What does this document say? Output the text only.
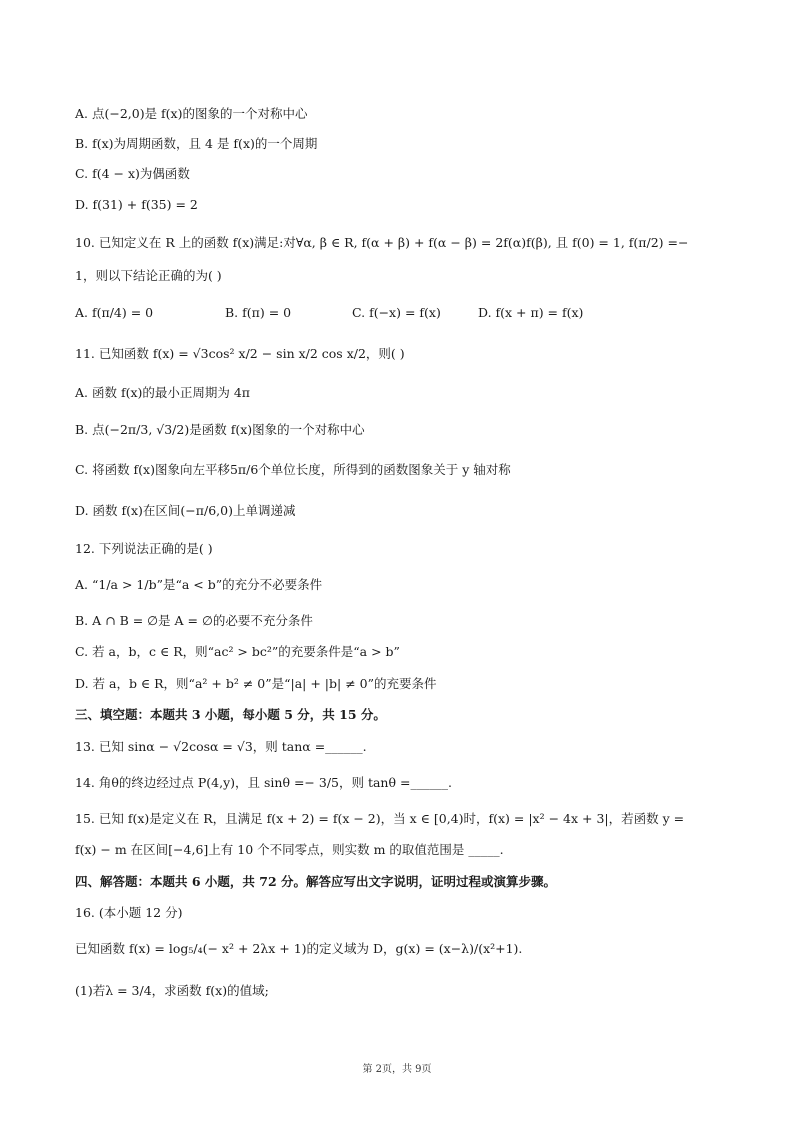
A. 点(−2,0)是 f(x)的图象的一个对称中心
B. f(x)为周期函数，且 4 是 f(x)的一个周期
C. f(4 − x)为偶函数
D. f(31) + f(35) = 2
10. 已知定义在 R 上的函数 f(x)满足:对∀α, β ∈ R, f(α + β) + f(α − β) = 2f(α)f(β), 且 f(0) = 1, f(π/2) =−
1，则以下结论正确的为( )
A. f(π/4) = 0	B. f(π) = 0	C. f(−x) = f(x)	D. f(x + π) = f(x)
11. 已知函数 f(x) = √3cos² x/2 − sin x/2 cos x/2，则( )
A. 函数 f(x)的最小正周期为 4π
B. 点(−2π/3, √3/2)是函数 f(x)图象的一个对称中心
C. 将函数 f(x)图象向左平移5π/6个单位长度，所得到的函数图象关于 y 轴对称
D. 函数 f(x)在区间(−π/6,0)上单调递减
12. 下列说法正确的是( )
A. “1/a > 1/b”是“a < b”的充分不必要条件
B. A ∩ B = ∅是 A = ∅的必要不充分条件
C. 若 a，b，c ∈ R，则“ac² > bc²”的充要条件是“a > b”
D. 若 a，b ∈ R，则“a² + b² ≠ 0”是“|a| + |b| ≠ 0”的充要条件
三、填空题：本题共 3 小题，每小题 5 分，共 15 分。
13. 已知 sinα − √2cosα = √3，则 tanα =______.
14. 角θ的终边经过点 P(4,y)，且 sinθ =− 3/5，则 tanθ =______.
15. 已知 f(x)是定义在 R，且满足 f(x + 2) = f(x − 2)，当 x ∈ [0,4)时，f(x) = |x² − 4x + 3|，若函数 y =
f(x) − m 在区间[−4,6]上有 10 个不同零点，则实数 m 的取值范围是 _____.
四、解答题：本题共 6 小题，共 72 分。解答应写出文字说明，证明过程或演算步骤。
16. (本小题 12 分)
已知函数 f(x) = log₅/₄(− x² + 2λx + 1)的定义域为 D，g(x) = (x−λ)/(x²+1).
(1)若λ = 3/4，求函数 f(x)的值域;
第 2页，共 9页
